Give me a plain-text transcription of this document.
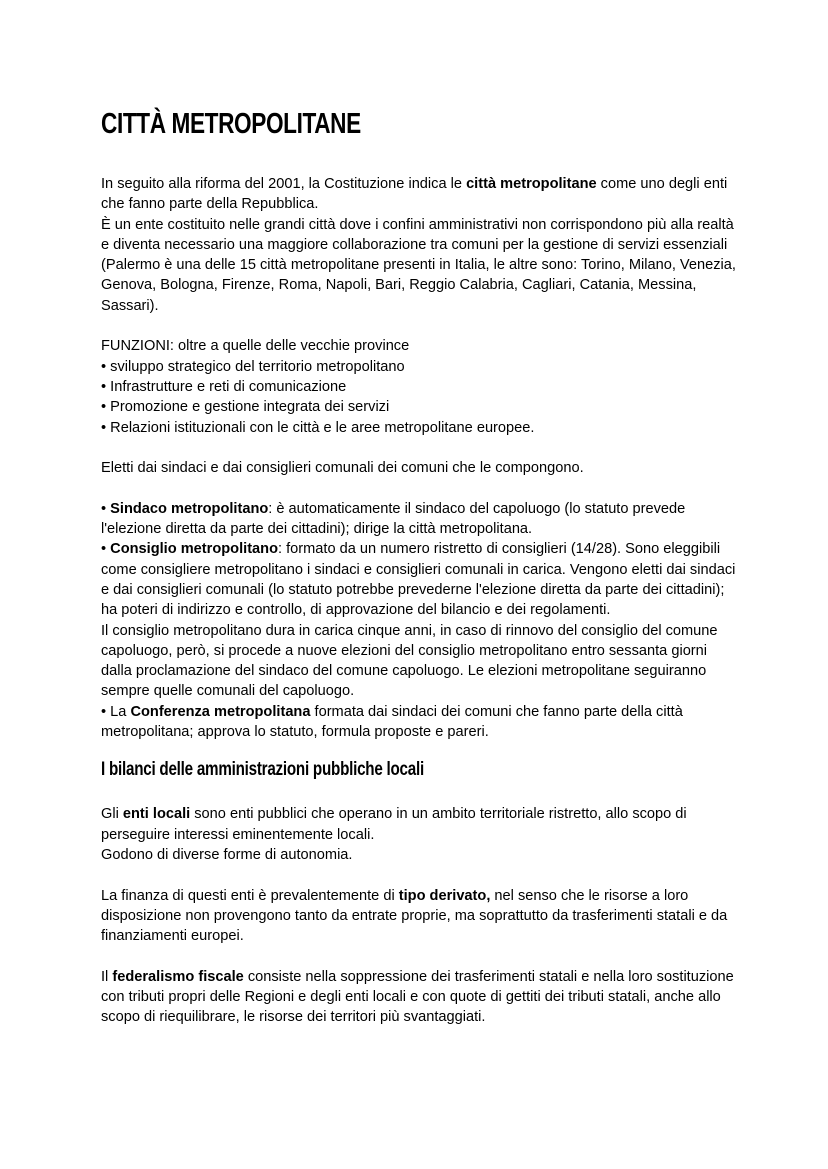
CITTÀ METROPOLITANE

In seguito alla riforma del 2001, la Costituzione indica le città metropolitane come uno degli enti che fanno parte della Repubblica.

È un ente costituito nelle grandi città dove i confini amministrativi non corrispondono più alla realtà e diventa necessario una maggiore collaborazione tra comuni per la gestione di servizi essenziali

(Palermo è una delle 15 città metropolitane presenti in Italia, le altre sono: Torino, Milano, Venezia, Genova, Bologna, Firenze, Roma, Napoli, Bari, Reggio Calabria, Cagliari, Catania, Messina, Sassari).

FUNZIONI: oltre a quelle delle vecchie province

• sviluppo strategico del territorio metropolitano

• Infrastrutture e reti di comunicazione

• Promozione e gestione integrata dei servizi

• Relazioni istituzionali con le città e le aree metropolitane europee.

Eletti dai sindaci e dai consiglieri comunali dei comuni che le compongono.

• Sindaco metropolitano: è automaticamente il sindaco del capoluogo (lo statuto prevede l'elezione diretta da parte dei cittadini); dirige la città metropolitana.

• Consiglio metropolitano: formato da un numero ristretto di consiglieri (14/28). Sono eleggibili come consigliere metropolitano i sindaci e consiglieri comunali in carica. Vengono eletti dai sindaci e dai consiglieri comunali (lo statuto potrebbe prevederne l'elezione diretta da parte dei cittadini); ha poteri di indirizzo e controllo, di approvazione del bilancio e dei regolamenti.

Il consiglio metropolitano dura in carica cinque anni, in caso di rinnovo del consiglio del comune capoluogo, però, si procede a nuove elezioni del consiglio metropolitano entro sessanta giorni dalla proclamazione del sindaco del comune capoluogo. Le elezioni metropolitane seguiranno sempre quelle comunali del capoluogo.

• La Conferenza metropolitana formata dai sindaci dei comuni che fanno parte della città metropolitana; approva lo statuto, formula proposte e pareri.

I bilanci delle amministrazioni pubbliche locali

Gli enti locali sono enti pubblici che operano in un ambito territoriale ristretto, allo scopo di perseguire interessi eminentemente locali.

Godono di diverse forme di autonomia.

La finanza di questi enti è prevalentemente di tipo derivato, nel senso che le risorse a loro disposizione non provengono tanto da entrate proprie, ma soprattutto da trasferimenti statali e da finanziamenti europei.

Il federalismo fiscale consiste nella soppressione dei trasferimenti statali e nella loro sostituzione con tributi propri delle Regioni e degli enti locali e con quote di gettiti dei tributi statali, anche allo scopo di riequilibrare, le risorse dei territori più svantaggiati.
